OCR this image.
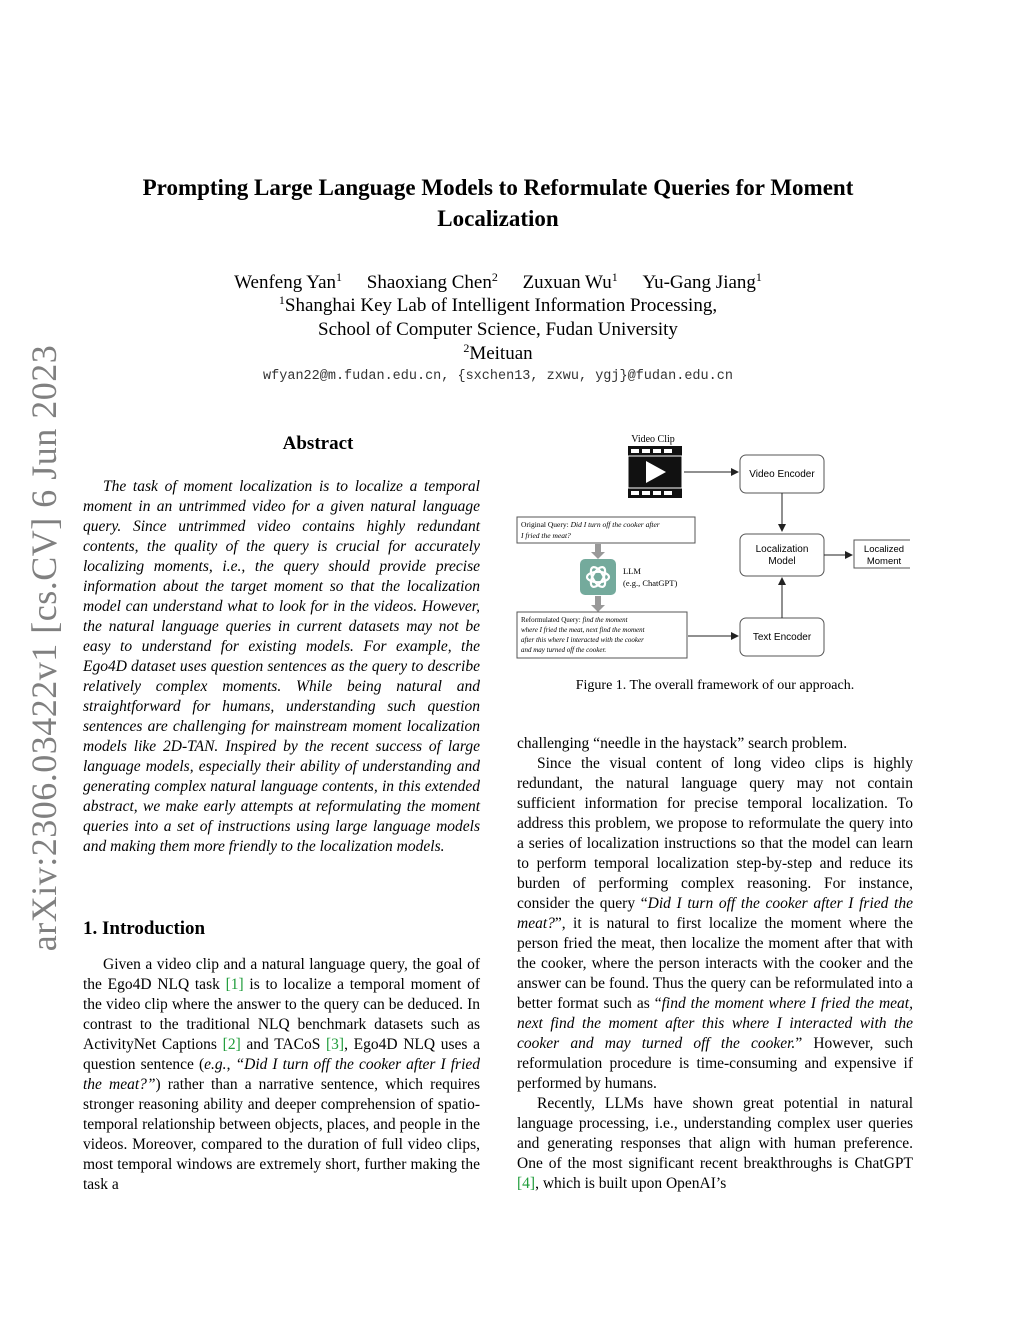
arXiv:2306.03422v1 [cs.CV] 6 Jun 2023
Prompting Large Language Models to Reformulate Queries for Moment
Localization
Wenfeng Yan$^1$ Shaoxiang Chen$^2$ Zuxuan Wu$^1$ Yu-Gang Jiang$^1$
$^1$Shanghai Key Lab of Intelligent Information Processing,
School of Computer Science, Fudan University
$^2$Meituan
wfyan22@m.fudan.edu.cn, {sxchen13, zxwu, ygj}@fudan.edu.cn
Abstract

The task of moment localization is to localize a temporal moment in an untrimmed video for a given natural language query. Since untrimmed video contains highly redundant contents, the quality of the query is crucial for accurately localizing moments, i.e., the query should provide precise information about the target moment so that the localization model can understand what to look for in the videos. However, the natural language queries in current datasets may not be easy to understand for existing models. For example, the Ego4D dataset uses question sentences as the query to describe relatively complex moments. While being natural and straightforward for humans, understanding such question sentences are challenging for mainstream moment localization models like 2D-TAN. Inspired by the recent success of large language models, especially their ability of understanding and generating complex natural language contents, in this extended abstract, we make early attempts at reformulating the moment queries into a set of instructions using large language models and making them more friendly to the localization models.

1. Introduction

Given a video clip and a natural language query, the goal of the Ego4D NLQ task [1] is to localize a temporal moment of the video clip where the answer to the query can be deduced. In contrast to the traditional NLQ benchmark datasets such as ActivityNet Captions [2] and TACoS [3], Ego4D NLQ uses a question sentence (e.g., “Did I turn off the cooker after I fried the meat?”) rather than a narrative sentence, which requires stronger reasoning ability and deeper comprehension of spatio-temporal relationship between objects, places, and people in the videos. Moreover, compared to the duration of full video clips, most temporal windows are extremely short, further making the task a

Video Clip
Video Encoder
Original Query: Did I turn off the cooker after
I fried the meat?
LLM
(e.g., ChatGPT)
Reformulated Query: find the moment
where I fried the meat, next find the moment
after this where I interacted with the cooker
and may turned off the cooker.
Text Encoder
Localization
Model
Localized
Moment
Figure 1. The overall framework of our approach.

challenging “needle in the haystack” search problem.

Since the visual content of long video clips is highly redundant, the natural language query may not contain sufficient information for precise temporal localization. To address this problem, we propose to reformulate the query into a series of localization instructions so that the model can learn to perform temporal localization step-by-step and reduce its burden of performing complex reasoning. For instance, consider the query “Did I turn off the cooker after I fried the meat?”, it is natural to first localize the moment where the person fried the meat, then localize the moment after that with the cooker, where the person interacts with the cooker and the answer can be found. Thus the query can be reformulated into a better format such as “find the moment where I fried the meat, next find the moment after this where I interacted with the cooker and may turned off the cooker.” However, such reformulation procedure is time-consuming and expensive if performed by humans.

Recently, LLMs have shown great potential in natural language processing, i.e., understanding complex user queries and generating responses that align with human preference. One of the most significant recent breakthroughs is ChatGPT [4], which is built upon OpenAI’s
